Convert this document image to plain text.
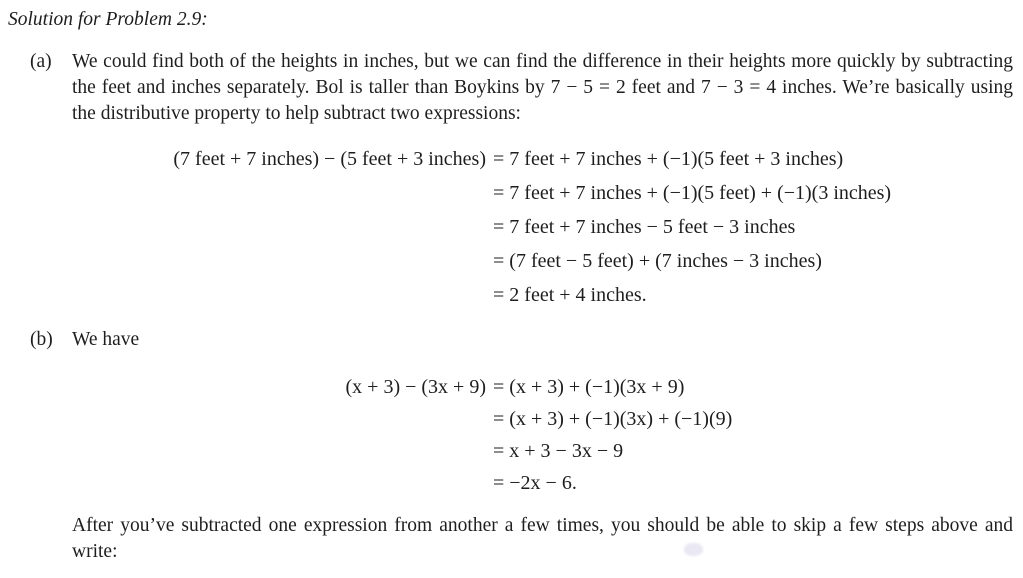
Solution for Problem 2.9:
(a) We could find both of the heights in inches, but we can find the difference in their heights more quickly by subtracting the feet and inches separately. Bol is taller than Boykins by 7 − 5 = 2 feet and 7 − 3 = 4 inches. We’re basically using the distributive property to help subtract two expressions:
(7 feet + 7 inches) − (5 feet + 3 inches) = 7 feet + 7 inches + (−1)(5 feet + 3 inches)
= 7 feet + 7 inches + (−1)(5 feet) + (−1)(3 inches)
= 7 feet + 7 inches − 5 feet − 3 inches
= (7 feet − 5 feet) + (7 inches − 3 inches)
= 2 feet + 4 inches.
(b) We have
(x + 3) − (3x + 9) = (x + 3) + (−1)(3x + 9)
= (x + 3) + (−1)(3x) + (−1)(9)
= x + 3 − 3x − 9
= −2x − 6.
After you’ve subtracted one expression from another a few times, you should be able to skip a few steps above and write:
